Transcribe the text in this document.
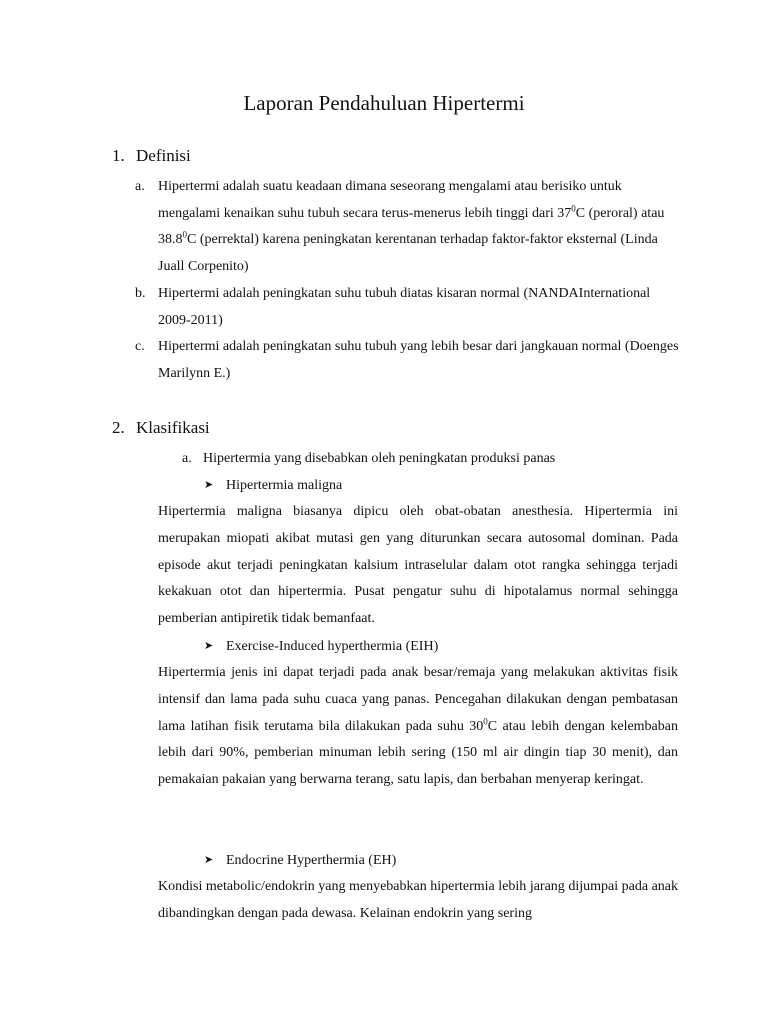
Laporan Pendahuluan Hipertermi
1. Definisi
a. Hipertermi adalah suatu keadaan dimana seseorang mengalami atau berisiko untuk mengalami kenaikan suhu tubuh secara terus-menerus lebih tinggi dari $37^0C$ (peroral) atau 38.8$^0$C (perrektal) karena peningkatan kerentanan terhadap faktor-faktor eksternal (Linda Juall Corpenito)
b. Hipertermi adalah peningkatan suhu tubuh diatas kisaran normal (NANDAInternational 2009-2011)
c. Hipertermi adalah peningkatan suhu tubuh yang lebih besar dari jangkauan normal (Doenges Marilynn E.)
2. Klasifikasi
a. Hipertermia yang disebabkan oleh peningkatan produksi panas
➤ Hipertermia maligna
Hipertermia maligna biasanya dipicu oleh obat-obatan anesthesia. Hipertermia ini merupakan miopati akibat mutasi gen yang diturunkan secara autosomal dominan. Pada episode akut terjadi peningkatan kalsium intraselular dalam otot rangka sehingga terjadi kekakuan otot dan hipertermia. Pusat pengatur suhu di hipotalamus normal sehingga pemberian antipiretik tidak bemanfaat.
➤ Exercise-Induced hyperthermia (EIH)
Hipertermia jenis ini dapat terjadi pada anak besar/remaja yang melakukan aktivitas fisik intensif dan lama pada suhu cuaca yang panas. Pencegahan dilakukan dengan pembatasan lama latihan fisik terutama bila dilakukan pada suhu $30^0C$ atau lebih dengan kelembaban lebih dari 90%, pemberian minuman lebih sering (150 ml air dingin tiap 30 menit), dan pemakaian pakaian yang berwarna terang, satu lapis, dan berbahan menyerap keringat.
➤ Endocrine Hyperthermia (EH)
Kondisi metabolic/endokrin yang menyebabkan hipertermia lebih jarang dijumpai pada anak dibandingkan dengan pada dewasa. Kelainan endokrin yang sering
